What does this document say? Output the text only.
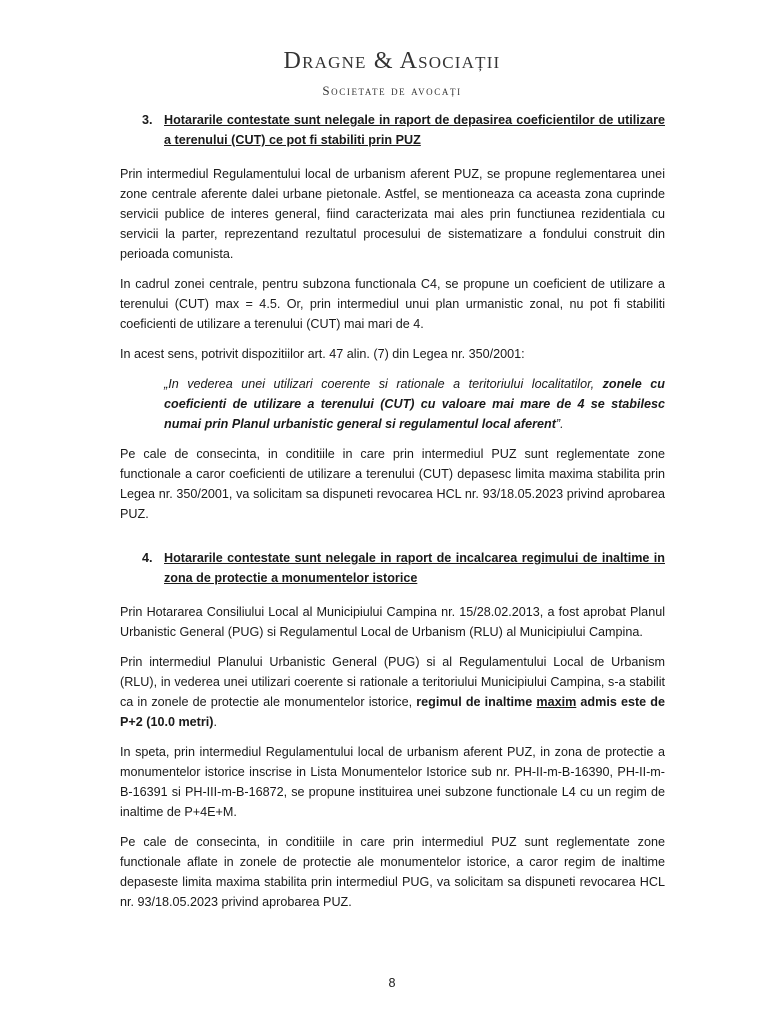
Dragne & Asociații
Societate de avocați
3. Hotararile contestate sunt nelegale in raport de depasirea coeficientilor de utilizare a terenului (CUT) ce pot fi stabiliti prin PUZ

Prin intermediul Regulamentului local de urbanism aferent PUZ, se propune reglementarea unei zone centrale aferente dalei urbane pietonale. Astfel, se mentioneaza ca aceasta zona cuprinde servicii publice de interes general, fiind caracterizata mai ales prin functiunea rezidentiala cu servicii la parter, reprezentand rezultatul procesului de sistematizare a fondului construit din perioada comunista.

In cadrul zonei centrale, pentru subzona functionala C4, se propune un coeficient de utilizare a terenului (CUT) max = 4.5. Or, prin intermediul unui plan urmanistic zonal, nu pot fi stabiliti coeficienti de utilizare a terenului (CUT) mai mari de 4.

In acest sens, potrivit dispozitiilor art. 47 alin. (7) din Legea nr. 350/2001:

„In vederea unei utilizari coerente si rationale a teritoriului localitatilor, zonele cu coeficienti de utilizare a terenului (CUT) cu valoare mai mare de 4 se stabilesc numai prin Planul urbanistic general si regulamentul local aferent”.

Pe cale de consecinta, in conditiile in care prin intermediul PUZ sunt reglementate zone functionale a caror coeficienti de utilizare a terenului (CUT) depasesc limita maxima stabilita prin Legea nr. 350/2001, va solicitam sa dispuneti revocarea HCL nr. 93/18.05.2023 privind aprobarea PUZ.

4. Hotararile contestate sunt nelegale in raport de incalcarea regimului de inaltime in zona de protectie a monumentelor istorice

Prin Hotararea Consiliului Local al Municipiului Campina nr. 15/28.02.2013, a fost aprobat Planul Urbanistic General (PUG) si Regulamentul Local de Urbanism (RLU) al Municipiului Campina.

Prin intermediul Planului Urbanistic General (PUG) si al Regulamentului Local de Urbanism (RLU), in vederea unei utilizari coerente si rationale a teritoriului Municipiului Campina, s-a stabilit ca in zonele de protectie ale monumentelor istorice, regimul de inaltime maxim admis este de P+2 (10.0 metri).

In speta, prin intermediul Regulamentului local de urbanism aferent PUZ, in zona de protectie a monumentelor istorice inscrise in Lista Monumentelor Istorice sub nr. PH-II-m-B-16390, PH-II-m-B-16391 si PH-III-m-B-16872, se propune instituirea unei subzone functionale L4 cu un regim de inaltime de P+4E+M.

Pe cale de consecinta, in conditiile in care prin intermediul PUZ sunt reglementate zone functionale aflate in zonele de protectie ale monumentelor istorice, a caror regim de inaltime depaseste limita maxima stabilita prin intermediul PUG, va solicitam sa dispuneti revocarea HCL nr. 93/18.05.2023 privind aprobarea PUZ.

8
